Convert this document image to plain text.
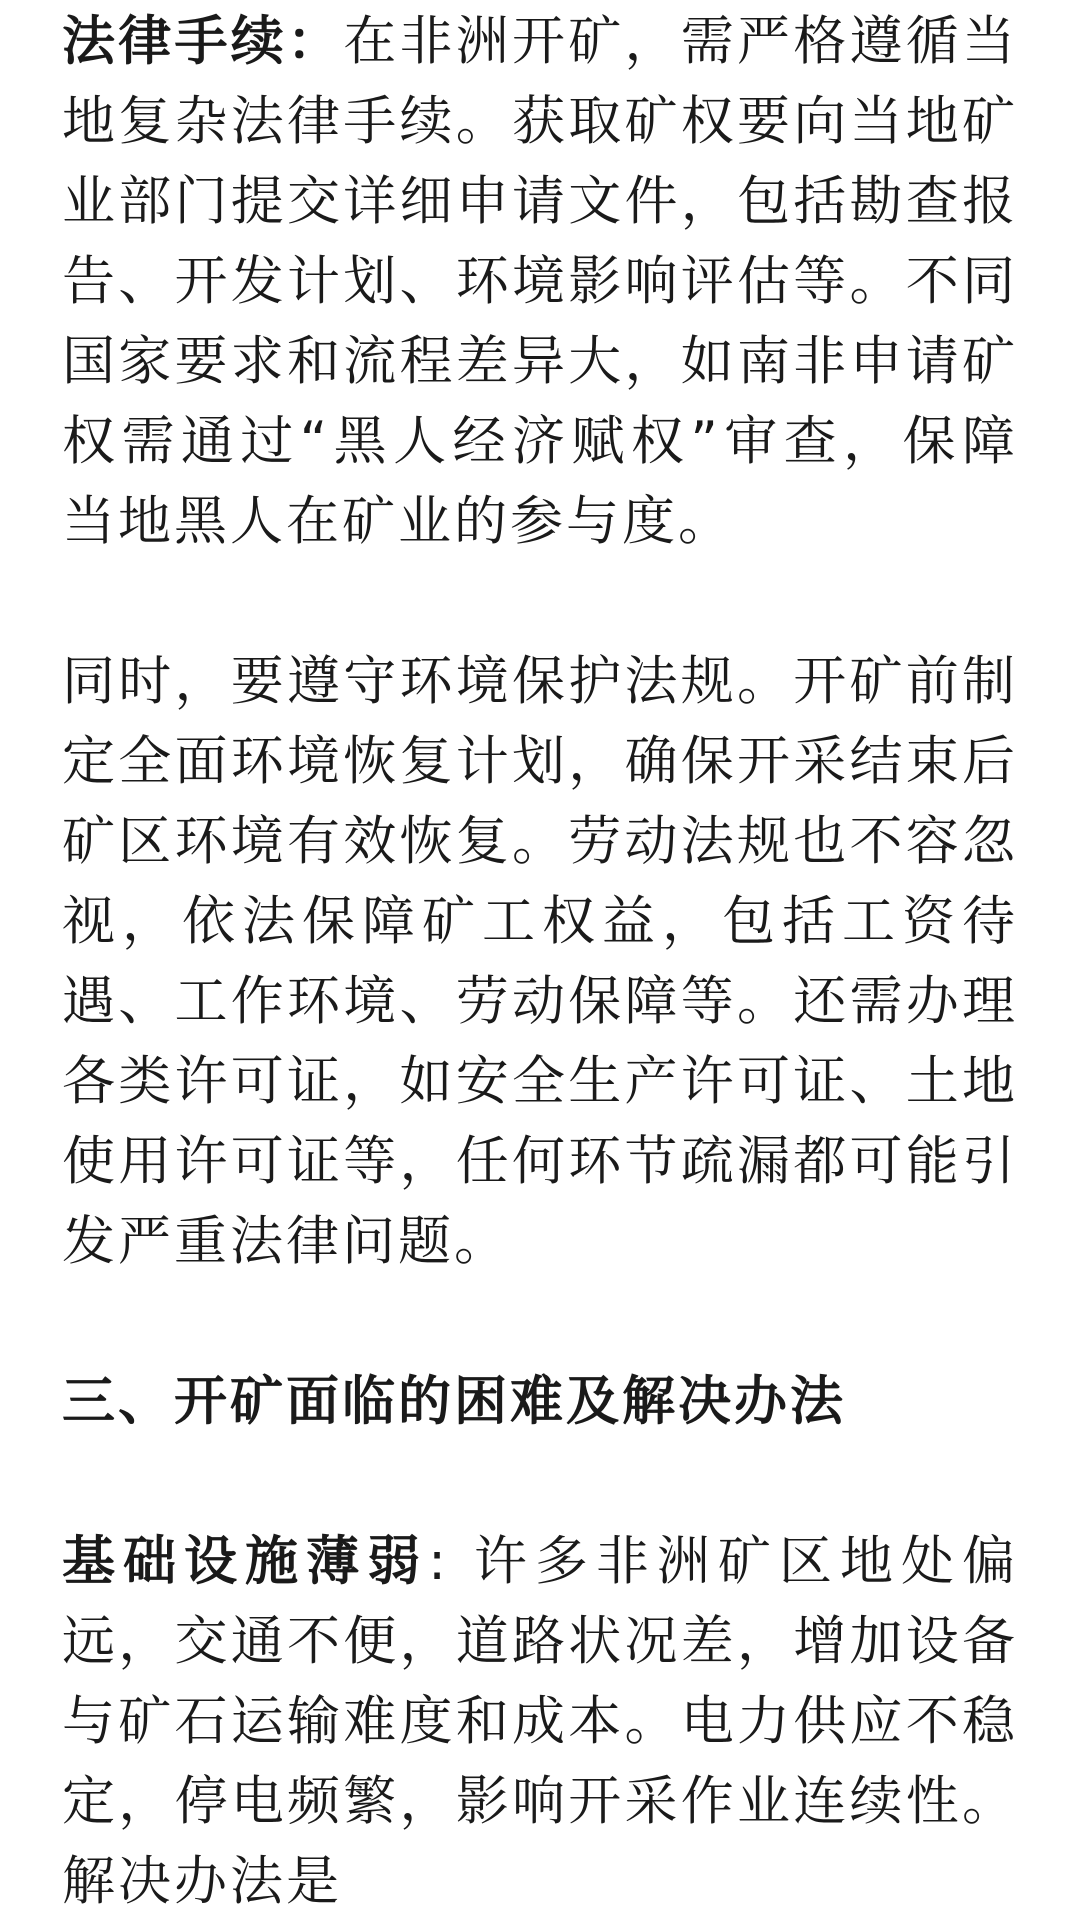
法律手续：在非洲开矿，需严格遵循当地复杂法律手续。获取矿权要向当地矿业部门提交详细申请文件，包括勘查报告、开发计划、环境影响评估等。不同国家要求和流程差异大，如南非申请矿权需通过“黑人经济赋权”审查，保障当地黑人在矿业的参与度。

同时，要遵守环境保护法规。开矿前制定全面环境恢复计划，确保开采结束后矿区环境有效恢复。劳动法规也不容忽视，依法保障矿工权益，包括工资待遇、工作环境、劳动保障等。还需办理各类许可证，如安全生产许可证、土地使用许可证等，任何环节疏漏都可能引发严重法律问题。

三、开矿面临的困难及解决办法

基础设施薄弱: 许多非洲矿区地处偏远，交通不便，道路状况差，增加设备与矿石运输难度和成本。电力供应不稳定，停电频繁，影响开采作业连续性。解决办法是
